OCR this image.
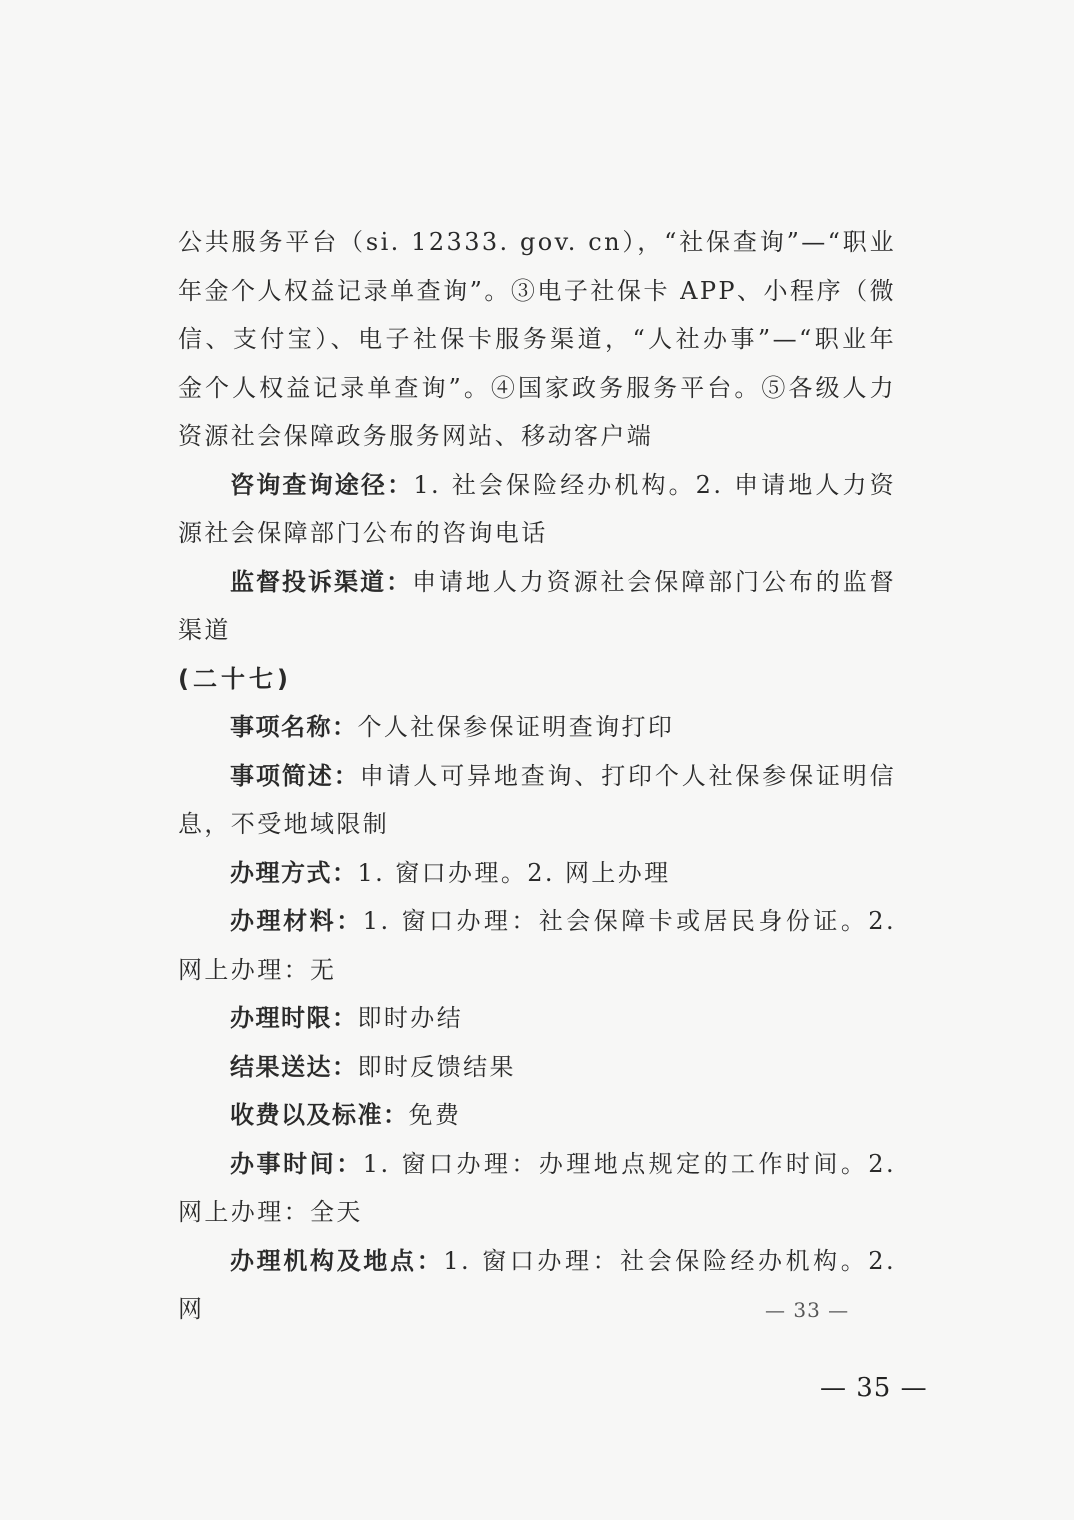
公共服务平台（si. 12333. gov. cn），“社保查询”—“职业年金个人权益记录单查询”。③电子社保卡 APP、小程序（微信、支付宝）、电子社保卡服务渠道，“人社办事”—“职业年金个人权益记录单查询”。④国家政务服务平台。⑤各级人力资源社会保障政务服务网站、移动客户端

咨询查询途径：1. 社会保险经办机构。2. 申请地人力资源社会保障部门公布的咨询电话

监督投诉渠道：申请地人力资源社会保障部门公布的监督渠道

(二十七)

事项名称：个人社保参保证明查询打印

事项简述：申请人可异地查询、打印个人社保参保证明信息，不受地域限制

办理方式：1. 窗口办理。2. 网上办理

办理材料：1. 窗口办理：社会保障卡或居民身份证。2. 网上办理：无

办理时限：即时办结

结果送达：即时反馈结果

收费以及标准：免费

办事时间：1. 窗口办理：办理地点规定的工作时间。2. 网上办理：全天

办理机构及地点：1. 窗口办理：社会保险经办机构。2. 网	— 33 —
— 35 —
